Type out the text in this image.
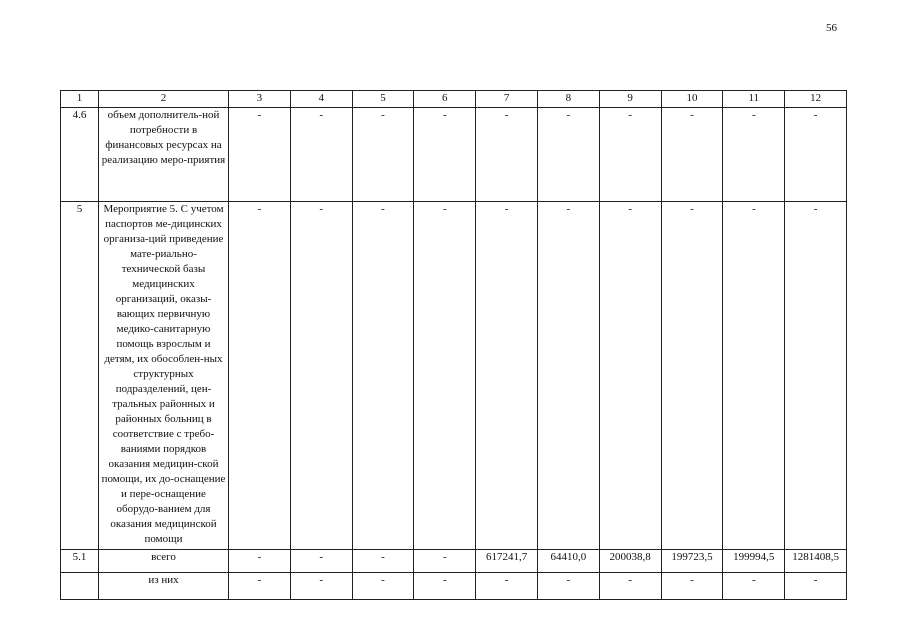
56
1	2	3	4	5	6	7	8	9	10	11	12
4.6	объем дополнитель-ной потребности в финансовых ресурсах на реализацию меро-приятия	-	-	-	-	-	-	-	-	-	-
5	Мероприятие 5. С учетом паспортов ме-дицинских организа-ций приведение мате-риально-технической базы медицинских организаций, оказы-вающих первичную медико-санитарную помощь взрослым и детям, их обособлен-ных структурных подразделений, цен-тральных районных и районных больниц в соответствие с требо-ваниями порядков оказания медицин-ской помощи, их до-оснащение и пере-оснащение оборудо-ванием для оказания медицинской помощи	-	-	-	-	-	-	-	-	-	-
5.1	всего	-	-	-	-	617241,7	64410,0	200038,8	199723,5	199994,5	1281408,5
	из них	-	-	-	-	-	-	-	-	-	-
